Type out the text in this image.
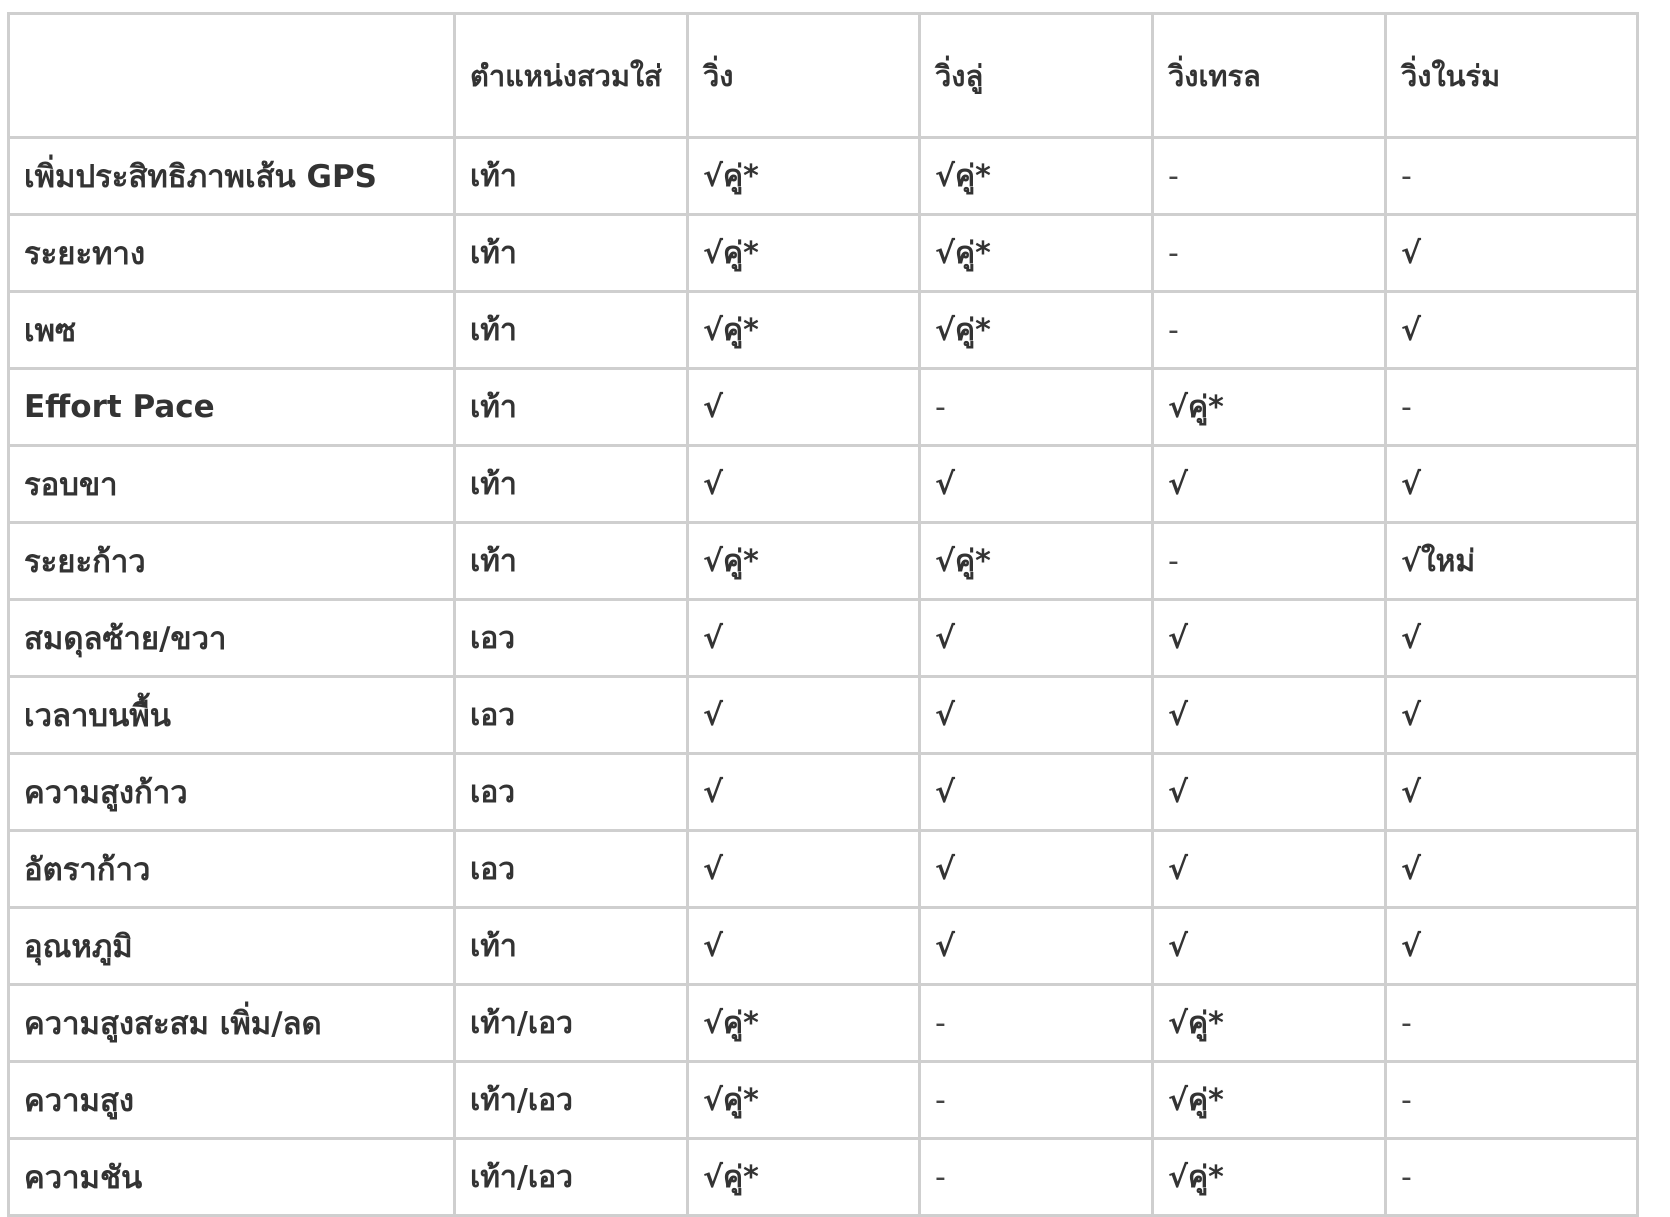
	ตำแหน่งสวมใส่	วิ่ง	วิ่งลู่	วิ่งเทรล	วิ่งในร่ม
เพิ่มประสิทธิภาพเส้น GPS	เท้า	√คู่*	√คู่*	-	-
ระยะทาง	เท้า	√คู่*	√คู่*	-	√
เพซ	เท้า	√คู่*	√คู่*	-	√
Effort Pace	เท้า	√	-	√คู่*	-
รอบขา	เท้า	√	√	√	√
ระยะก้าว	เท้า	√คู่*	√คู่*	-	√ใหม่
สมดุลซ้าย/ขวา	เอว	√	√	√	√
เวลาบนพื้น	เอว	√	√	√	√
ความสูงก้าว	เอว	√	√	√	√
อัตราก้าว	เอว	√	√	√	√
อุณหภูมิ	เท้า	√	√	√	√
ความสูงสะสม เพิ่ม/ลด	เท้า/เอว	√คู่*	-	√คู่*	-
ความสูง	เท้า/เอว	√คู่*	-	√คู่*	-
ความชัน	เท้า/เอว	√คู่*	-	√คู่*	-
